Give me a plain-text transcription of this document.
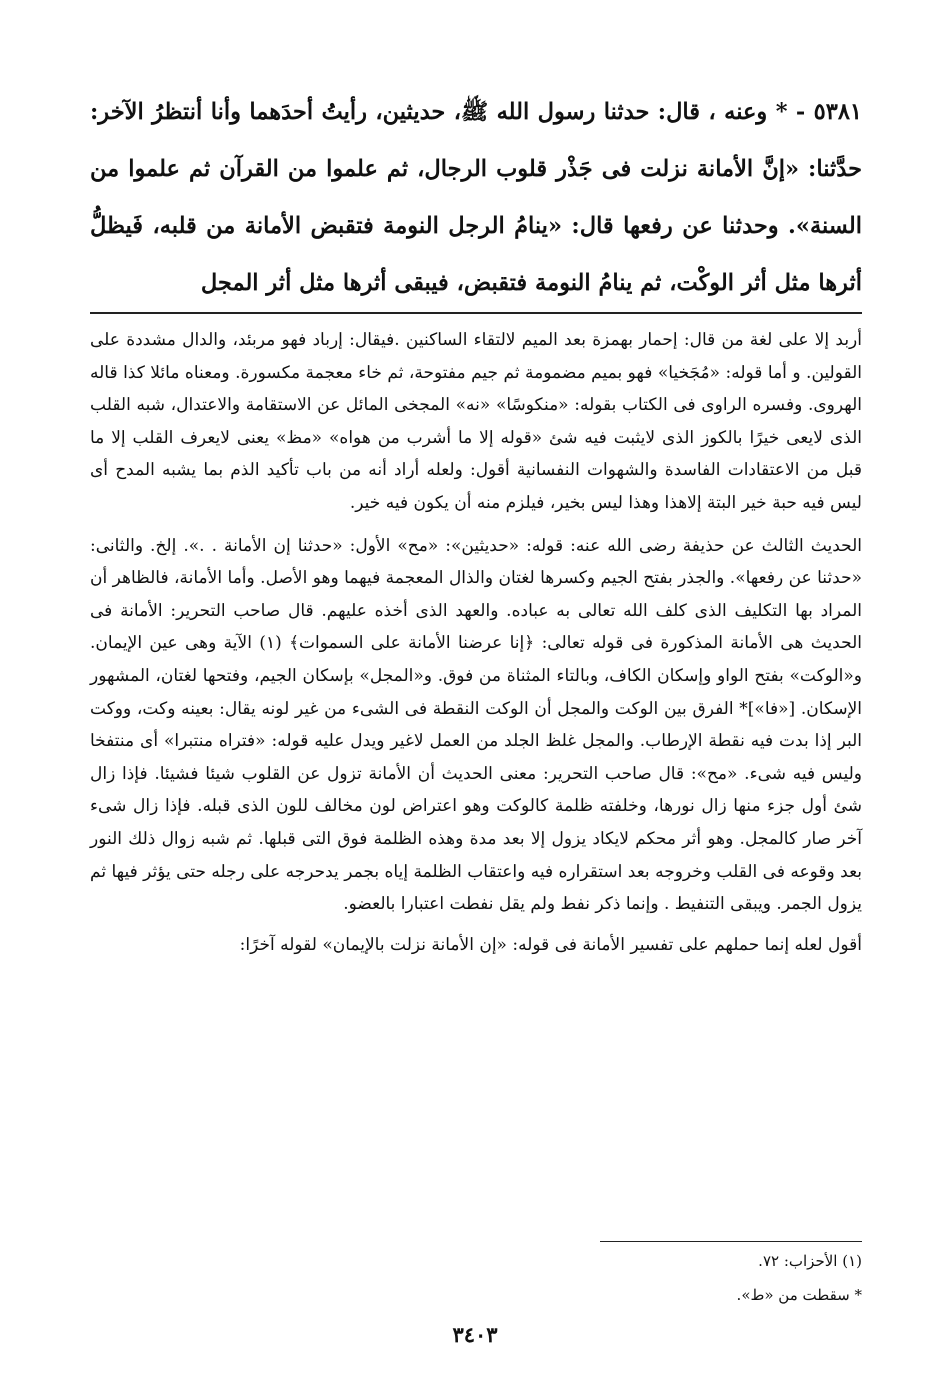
٥٣٨١ - * وعنه ، قال: حدثنا رسول الله ﷺ، حديثين، رأيتُ أحدَهما وأنا أنتظرُ الآخر: حدَّثنا: «إنَّ الأمانة نزلت فى جَذْر قلوب الرجال، ثم علموا من القرآن ثم علموا من السنة». وحدثنا عن رفعها قال: «ينامُ الرجل النومة فتقبض الأمانة من قلبه، فَيظلُّ أثرها مثل أثر الوكْت، ثم ينامُ النومة فتقبض، فيبقى أثرها مثل أثر المجل

أربد إلا على لغة من قال: إحمار بهمزة بعد الميم لالتقاء الساكنين .فيقال: إرباد فهو مربئد، والدال مشددة على القولين. و أما قوله: «مُجَخيا» فهو بميم مضمومة ثم جيم مفتوحة، ثم خاء معجمة مكسورة. ومعناه مائلا كذا قاله الهروى. وفسره الراوى فى الكتاب بقوله: «منكوسًا» «نه» المجخى المائل عن الاستقامة والاعتدال، شبه القلب الذى لايعى خيرًا بالكوز الذى لايثبت فيه شئ «قوله إلا ما أشرب من هواه» «مظ» يعنى لايعرف القلب إلا ما قبل من الاعتقادات الفاسدة والشهوات النفسانية أقول: ولعله أراد أنه من باب تأكيد الذم بما يشبه المدح أى ليس فيه حبة خير البتة إلاهذا وهذا ليس بخير، فيلزم منه أن يكون فيه خير.

الحديث الثالث عن حذيفة رضى الله عنه: قوله: «حديثين»: «مح» الأول: «حدثنا إن الأمانة . .». إلخ. والثانى: «حدثنا عن رفعها». والجذر بفتح الجيم وكسرها لغتان والذال المعجمة فيهما وهو الأصل. وأما الأمانة، فالظاهر أن المراد بها التكليف الذى كلف الله تعالى به عباده. والعهد الذى أخذه عليهم. قال صاحب التحرير: الأمانة فى الحديث هى الأمانة المذكورة فى قوله تعالى: ﴿إنا عرضنا الأمانة على السموات﴾ (١) الآية وهى عين الإيمان. و«الوكت» بفتح الواو وإسكان الكاف، وبالتاء المثناة من فوق. و«المجل» بإسكان الجيم، وفتحها لغتان، المشهور الإسكان. [«فا»]* الفرق بين الوكت والمجل أن الوكت النقطة فى الشىء من غير لونه يقال: بعينه وكت، ووكت البر إذا بدت فيه نقطة الإرطاب. والمجل غلظ الجلد من العمل لاغير ويدل عليه قوله: «فتراه منتبرا» أى منتفخا وليس فيه شىء. «مح»: قال صاحب التحرير: معنى الحديث أن الأمانة تزول عن القلوب شيئا فشيئا. فإذا زال شئ أول جزء منها زال نورها، وخلفته ظلمة كالوكت وهو اعتراض لون مخالف للون الذى قبله. فإذا زال شىء آخر صار كالمجل. وهو أثر محكم لايكاد يزول إلا بعد مدة وهذه الظلمة فوق التى قبلها. ثم شبه زوال ذلك النور بعد وقوعه فى القلب وخروجه بعد استقراره فيه واعتقاب الظلمة إياه بجمر يدحرجه على رجله حتى يؤثر فيها ثم يزول الجمر. ويبقى التنفيط . وإنما ذكر نفط ولم يقل نفطت اعتبارا بالعضو.

أقول لعله إنما حملهم على تفسير الأمانة فى قوله: «إن الأمانة نزلت بالإيمان» لقوله آخرًا:

(١) الأحزاب: ٧٢.

* سقطت من «ط».

٣٤٠٣
